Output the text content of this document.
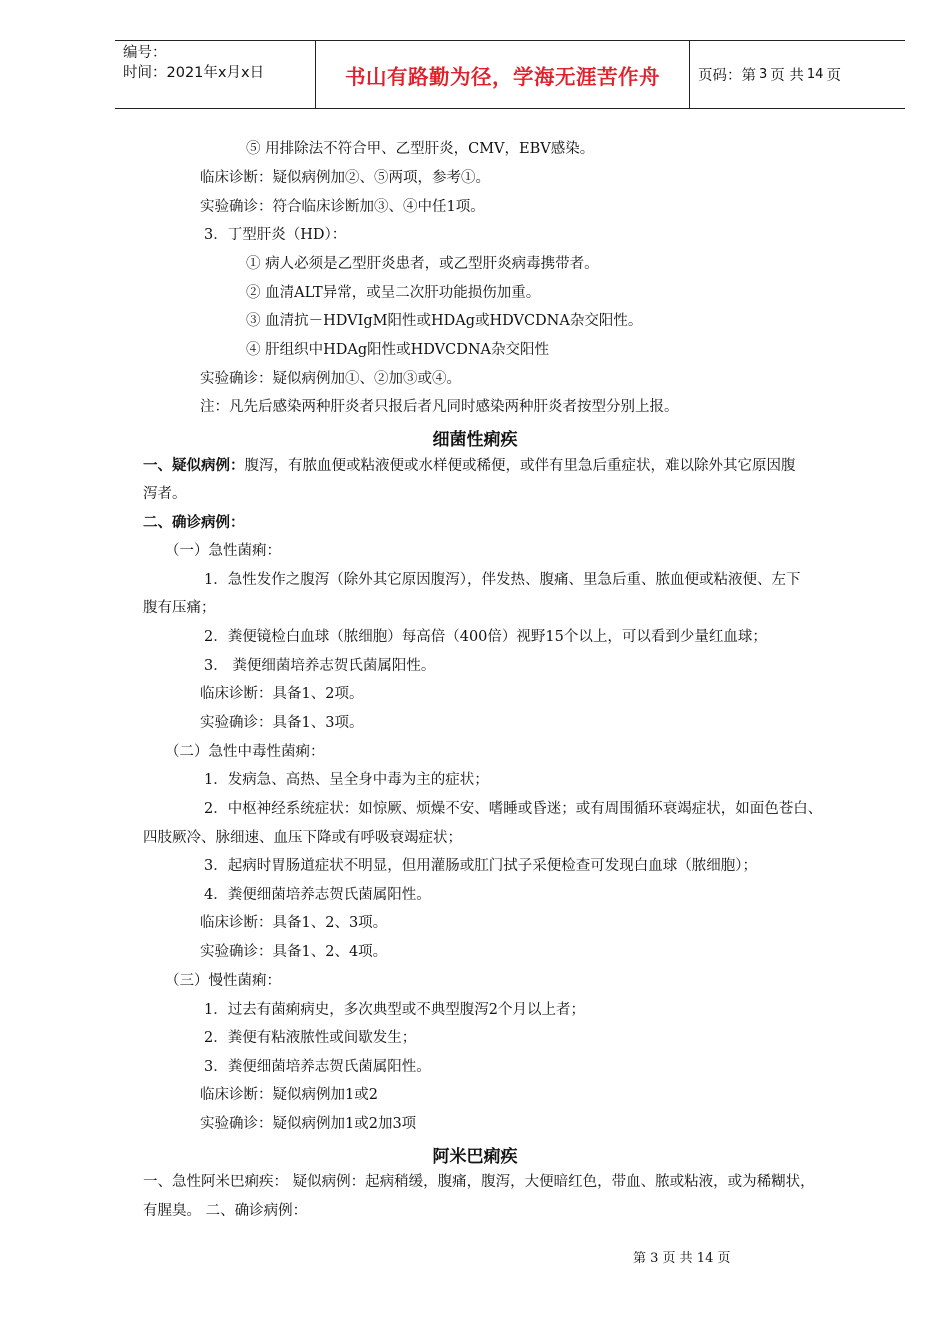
编号：
时间：2021年x月x日	书山有路勤为径，学海无涯苦作舟	页码：第 3 页 共 14 页
⑤ 用排除法不符合甲、乙型肝炎，CMV，EBV感染。
临床诊断：疑似病例加②、⑤两项，参考①。
实验确诊：符合临床诊断加③、④中任1项。
3．丁型肝炎（HD）：
① 病人必须是乙型肝炎患者，或乙型肝炎病毒携带者。
② 血清ALT异常，或呈二次肝功能损伤加重。
③ 血清抗－HDVIgM阳性或HDAg或HDVCDNA杂交阳性。
④ 肝组织中HDAg阳性或HDVCDNA杂交阳性
实验确诊：疑似病例加①、②加③或④。
注：凡先后感染两种肝炎者只报后者凡同时感染两种肝炎者按型分别上报。
细菌性痢疾
一、疑似病例：腹泻，有脓血便或粘液便或水样便或稀便，或伴有里急后重症状，难以除外其它原因腹
泻者。
二、确诊病例：
（一）急性菌痢：
1．急性发作之腹泻（除外其它原因腹泻），伴发热、腹痛、里急后重、脓血便或粘液便、左下
腹有压痛；
2．粪便镜检白血球（脓细胞）每高倍（400倍）视野15个以上，可以看到少量红血球；
3． 粪便细菌培养志贺氏菌属阳性。
临床诊断：具备1、2项。
实验确诊：具备1、3项。
（二）急性中毒性菌痢：
1．发病急、高热、呈全身中毒为主的症状；
2．中枢神经系统症状：如惊厥、烦燥不安、嗜睡或昏迷；或有周围循环衰竭症状，如面色苍白、
四肢厥冷、脉细速、血压下降或有呼吸衰竭症状；
3．起病时胃肠道症状不明显，但用灌肠或肛门拭子采便检查可发现白血球（脓细胞）；
4．粪便细菌培养志贺氏菌属阳性。
临床诊断：具备1、2、3项。
实验确诊：具备1、2、4项。
（三）慢性菌痢：
1．过去有菌痢病史，多次典型或不典型腹泻2个月以上者；
2．粪便有粘液脓性或间歇发生；
3．粪便细菌培养志贺氏菌属阳性。
临床诊断：疑似病例加1或2
实验确诊：疑似病例加1或2加3项
阿米巴痢疾
一、急性阿米巴痢疾： 疑似病例：起病稍缓，腹痛，腹泻，大便暗红色，带血、脓或粘液，或为稀糊状，
有腥臭。 二、确诊病例：
第 3 页 共 14 页
